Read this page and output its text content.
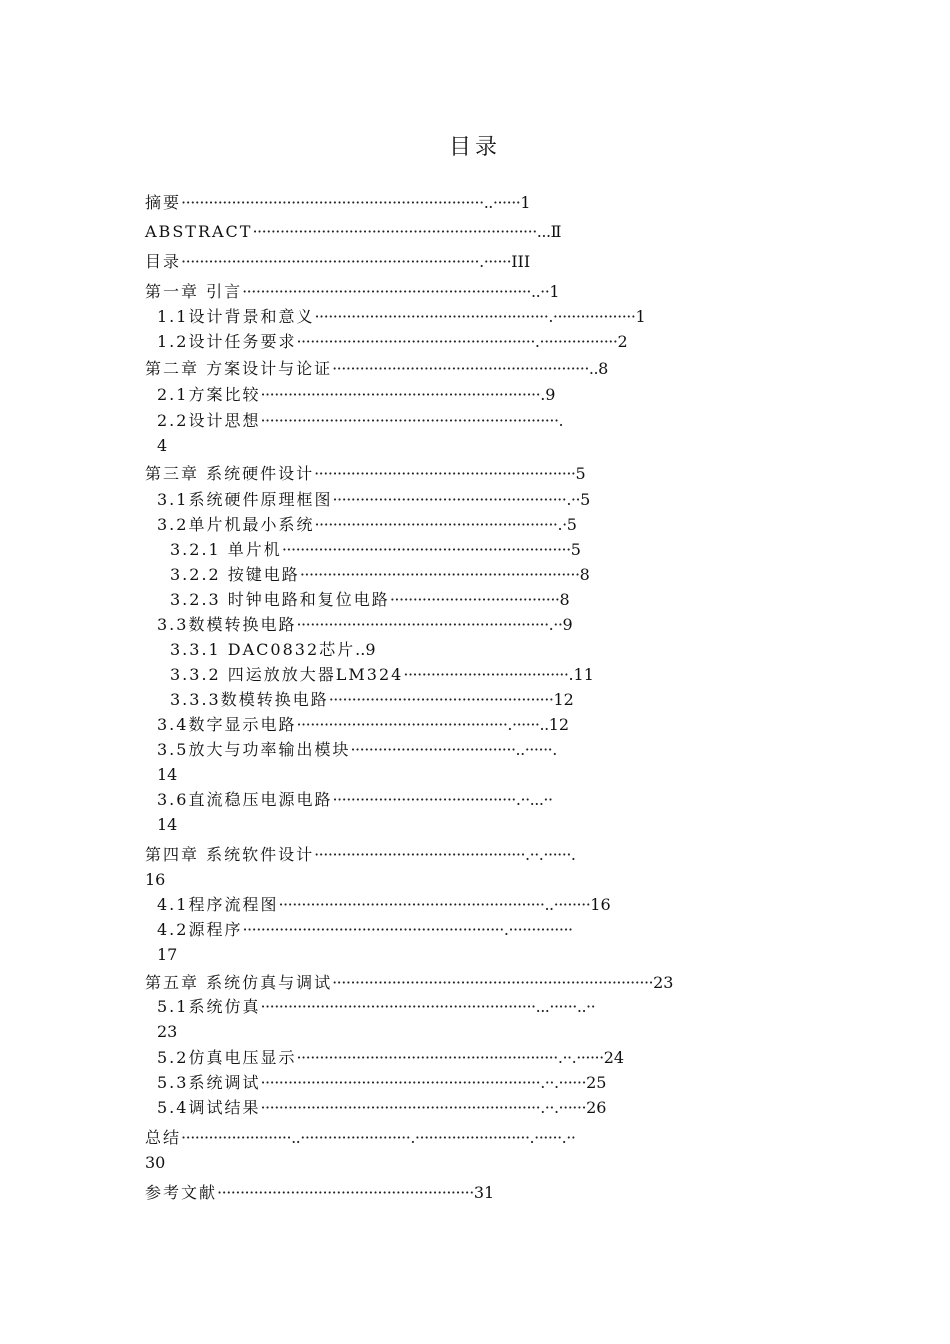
目录
摘要··································································..······1
ABSTRACT······························································...Ⅱ
目录·································································.······III
第一章 引言·······························································..··1
1.1设计背景和意义···················································.··················1
1.2设计任务要求····················································.·················2
第二章 方案设计与论证························································..8
2.1方案比较·····························································.9
2.2设计思想·································································.
4
第三章 系统硬件设计·························································5
3.1系统硬件原理框图···················································.··5
3.2单片机最小系统·····················································.·5
3.2.1 单片机·······························································5
3.2.2 按键电路·····························································8
3.2.3 时钟电路和复位电路·····································8
3.3数模转换电路·······················································.··9
3.3.1 DAC0832芯片..9
3.3.2 四运放放大器LM324····································.11
3.3.3数模转换电路·················································12
3.4数字显示电路··············································.······..12
3.5放大与功率输出模块····································..······.
14
3.6直流稳压电源电路········································.··...··
14
第四章 系统软件设计··············································.··.······.
16
4.1程序流程图··························································..········16
4.2源程序·························································.··············
17
第五章 系统仿真与调试······································································23
5.1系统仿真····························································...······..··
23
5.2仿真电压显示·························································.··.······24
5.3系统调试·····························································.··.······25
5.4调试结果·····························································.··.······26
总结························..························.·························.······.··
30
参考文献························································31
